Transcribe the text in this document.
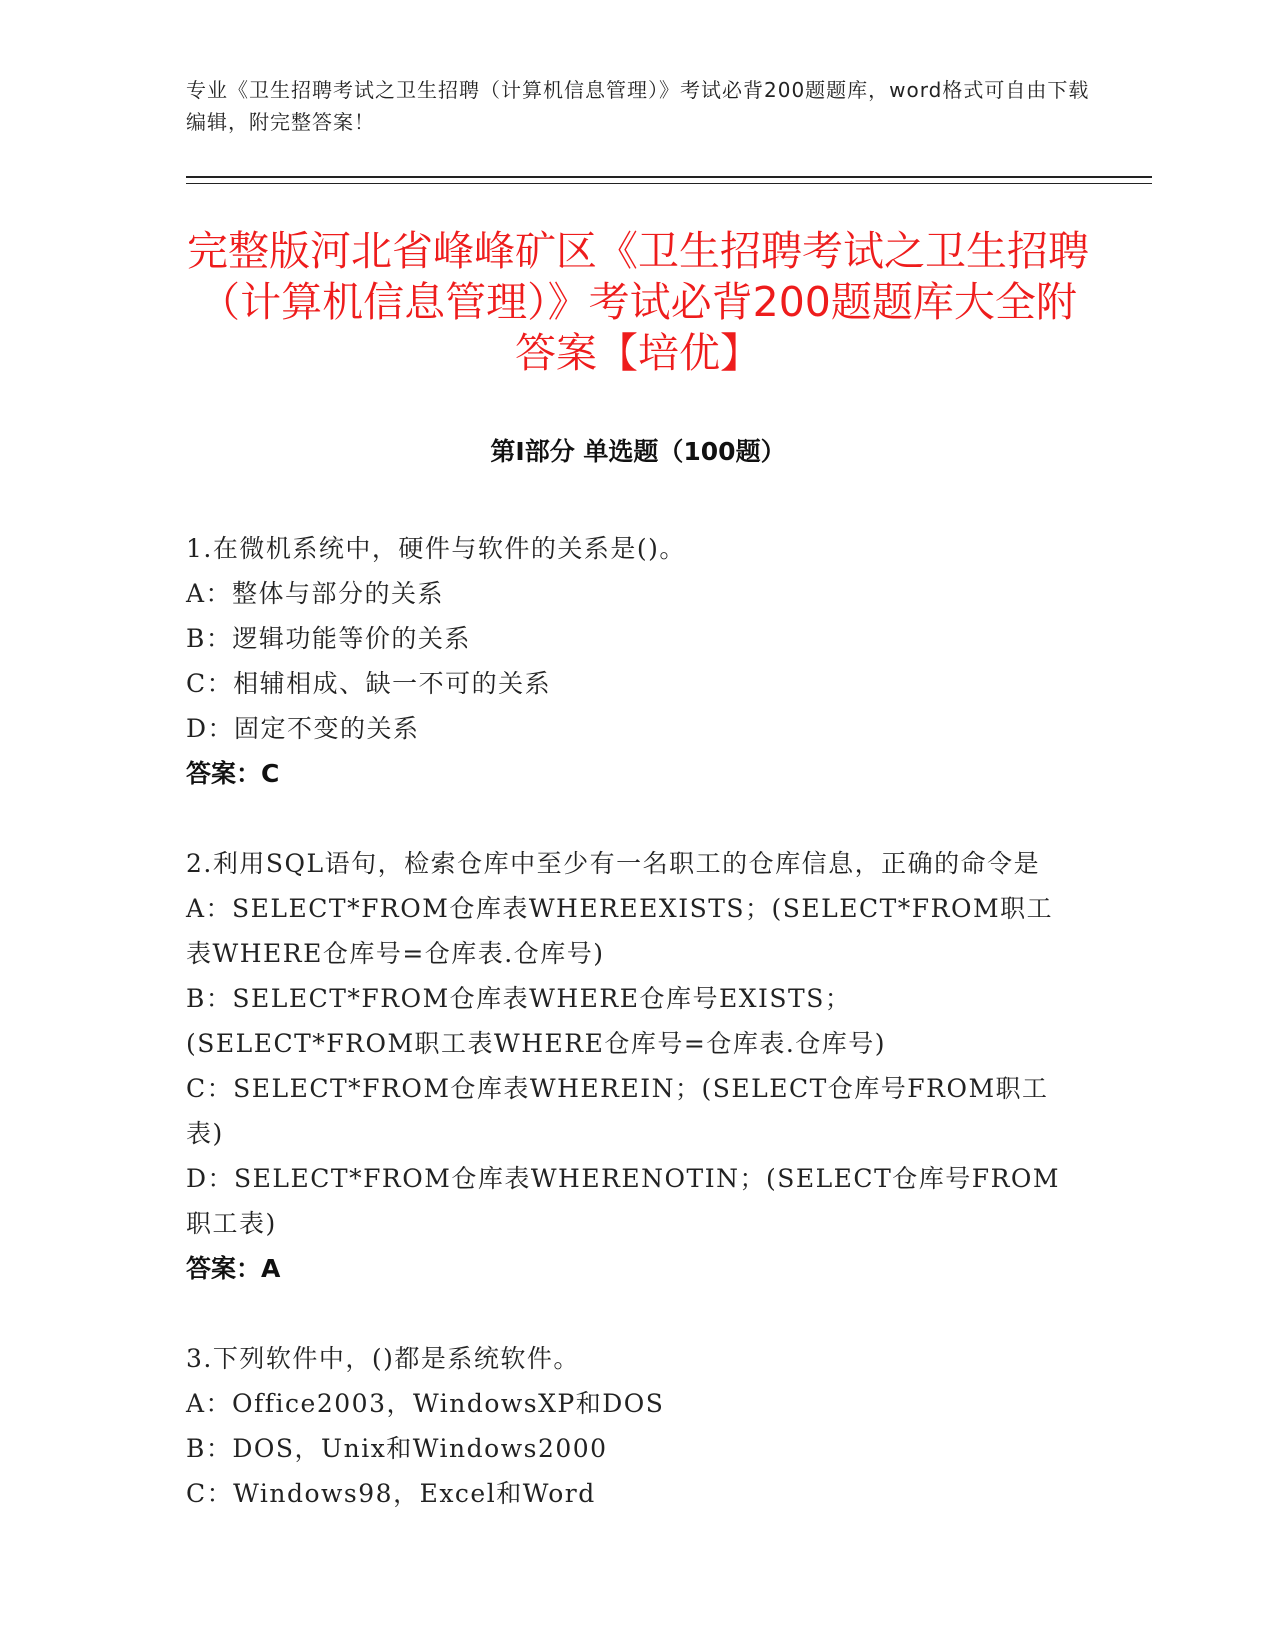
专业《卫生招聘考试之卫生招聘（计算机信息管理）》考试必背200题题库，word格式可自由下载编辑，附完整答案！
完整版河北省峰峰矿区《卫生招聘考试之卫生招聘（计算机信息管理）》考试必背200题题库大全附答案【培优】
第Ⅰ部分 单选题（100题）
1.在微机系统中，硬件与软件的关系是()。
A：整体与部分的关系
B：逻辑功能等价的关系
C：相辅相成、缺一不可的关系
D：固定不变的关系
答案：C
2.利用SQL语句，检索仓库中至少有一名职工的仓库信息，正确的命令是
A：SELECT*FROM仓库表WHEREEXISTS；(SELECT*FROM职工表WHERE仓库号=仓库表.仓库号)
B：SELECT*FROM仓库表WHERE仓库号EXISTS；(SELECT*FROM职工表WHERE仓库号=仓库表.仓库号)
C：SELECT*FROM仓库表WHEREIN；(SELECT仓库号FROM职工表)
D：SELECT*FROM仓库表WHERENOTIN；(SELECT仓库号FROM职工表)
答案：A
3.下列软件中，()都是系统软件。
A：Office2003，WindowsXP和DOS
B：DOS，Unix和Windows2000
C：Windows98，Excel和Word
